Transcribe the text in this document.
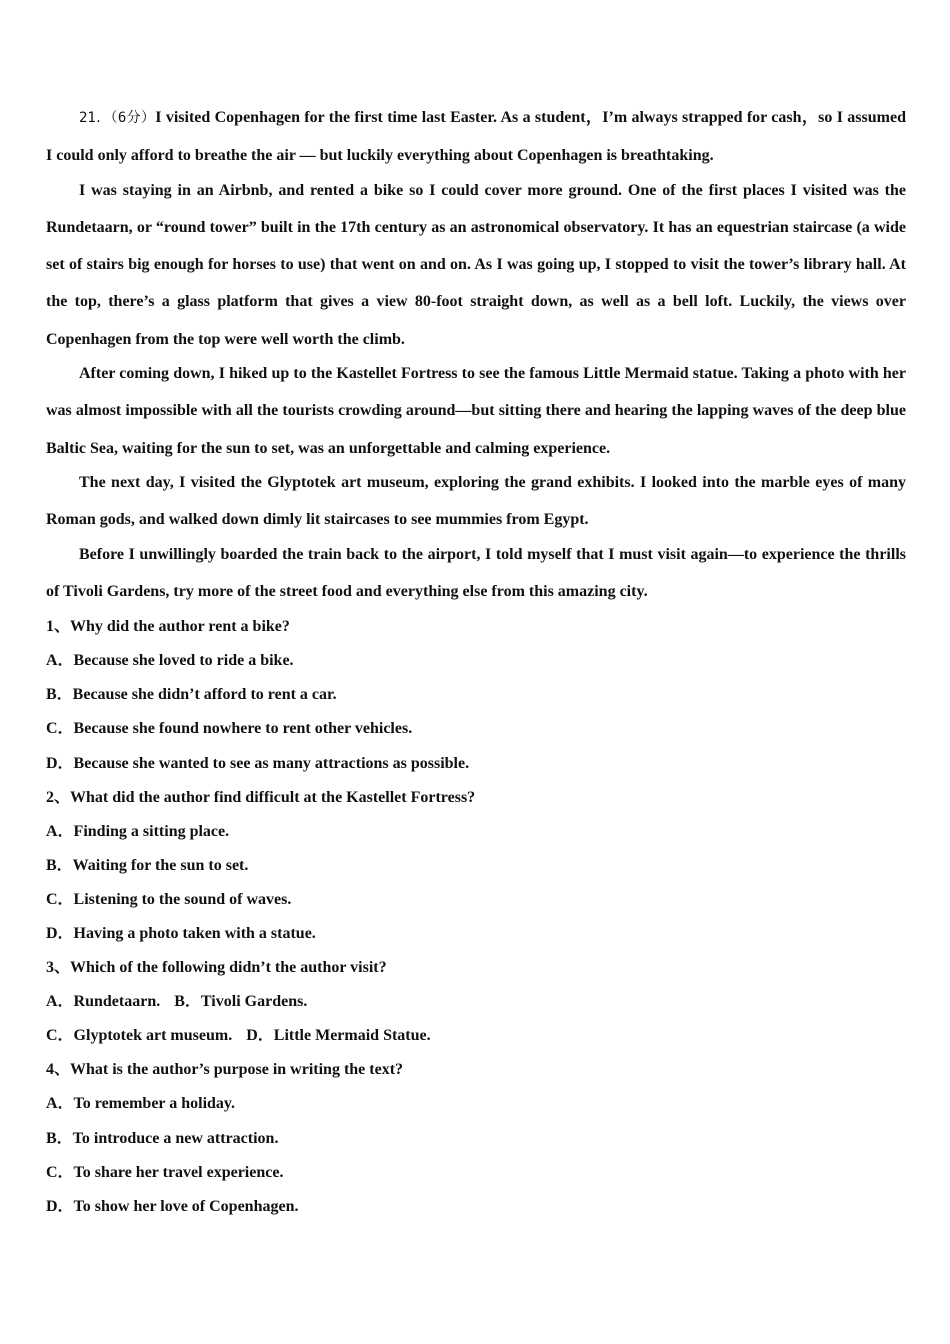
21．（6分）I visited Copenhagen for the first time last Easter. As a student，I’m always strapped for cash，so I assumed I could only afford to breathe the air — but luckily everything about Copenhagen is breathtaking.

I was staying in an Airbnb, and rented a bike so I could cover more ground. One of the first places I visited was the Rundetaarn, or “round tower” built in the 17th century as an astronomical observatory. It has an equestrian staircase (a wide set of stairs big enough for horses to use) that went on and on. As I was going up, I stopped to visit the tower’s library hall. At the top, there’s a glass platform that gives a view 80-foot straight down, as well as a bell loft. Luckily, the views over Copenhagen from the top were well worth the climb.

After coming down, I hiked up to the Kastellet Fortress to see the famous Little Mermaid statue. Taking a photo with her was almost impossible with all the tourists crowding around—but sitting there and hearing the lapping waves of the deep blue Baltic Sea, waiting for the sun to set, was an unforgettable and calming experience.

The next day, I visited the Glyptotek art museum, exploring the grand exhibits. I looked into the marble eyes of many Roman gods, and walked down dimly lit staircases to see mummies from Egypt.

Before I unwillingly boarded the train back to the airport, I told myself that I must visit again—to experience the thrills of Tivoli Gardens, try more of the street food and everything else from this amazing city.

1、Why did the author rent a bike?
A．Because she loved to ride a bike.
B．Because she didn’t afford to rent a car.
C．Because she found nowhere to rent other vehicles.
D．Because she wanted to see as many attractions as possible.
2、What did the author find difficult at the Kastellet Fortress?
A．Finding a sitting place.
B．Waiting for the sun to set.
C．Listening to the sound of waves.
D．Having a photo taken with a statue.
3、Which of the following didn’t the author visit?
A．Rundetaarn. B．Tivoli Gardens.
C．Glyptotek art museum. D．Little Mermaid Statue.
4、What is the author’s purpose in writing the text?
A．To remember a holiday.
B．To introduce a new attraction.
C．To share her travel experience.
D．To show her love of Copenhagen.
